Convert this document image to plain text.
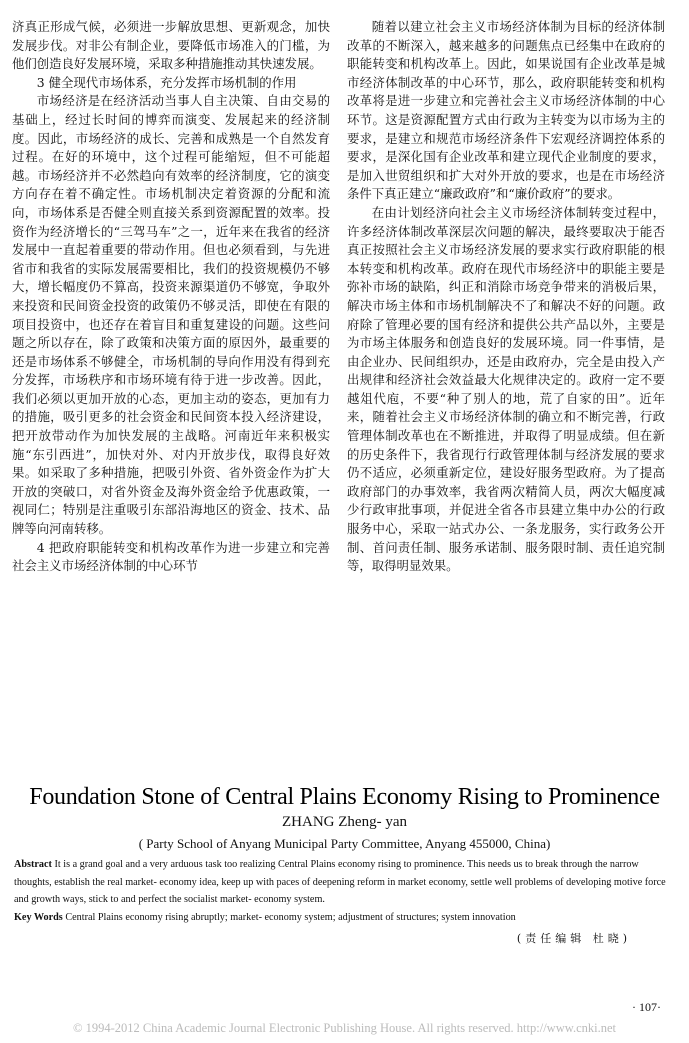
济真正形成气候，必须进一步解放思想、更新观念，加快发展步伐。对非公有制企业，要降低市场准入的门槛，为他们创造良好发展环境，采取多种措施推动其快速发展。

3 健全现代市场体系，充分发挥市场机制的作用

市场经济是在经济活动当事人自主决策、自由交易的基础上，经过长时间的博弈而演变、发展起来的经济制度。因此，市场经济的成长、完善和成熟是一个自然发育过程。在好的环境中，这个过程可能缩短，但不可能超越。市场经济并不必然趋向有效率的经济制度，它的演变方向存在着不确定性。市场机制决定着资源的分配和流向，市场体系是否健全则直接关系到资源配置的效率。投资作为经济增长的“三驾马车”之一，近年来在我省的经济发展中一直起着重要的带动作用。但也必须看到，与先进省市和我省的实际发展需要相比，我们的投资规模仍不够大，增长幅度仍不算高，投资来源渠道仍不够宽，争取外来投资和民间资金投资的政策仍不够灵活，即使在有限的项目投资中，也还存在着盲目和重复建设的问题。这些问题之所以存在，除了政策和决策方面的原因外，最重要的还是市场体系不够健全，市场机制的导向作用没有得到充分发挥，市场秩序和市场环境有待于进一步改善。因此，我们必须以更加开放的心态，更加主动的姿态，更加有力的措施，吸引更多的社会资金和民间资本投入经济建设，把开放带动作为加快发展的主战略。河南近年来积极实施“东引西进”，加快对外、对内开放步伐，取得良好效果。如采取了多种措施，把吸引外资、省外资金作为扩大开放的突破口，对省外资金及海外资金给予优惠政策，一视同仁；特别是注重吸引东部沿海地区的资金、技术、品牌等向河南转移。

4 把政府职能转变和机构改革作为进一步建立和完善社会主义市场经济体制的中心环节

随着以建立社会主义市场经济体制为目标的经济体制改革的不断深入，越来越多的问题焦点已经集中在政府的职能转变和机构改革上。因此，如果说国有企业改革是城市经济体制改革的中心环节，那么，政府职能转变和机构改革将是进一步建立和完善社会主义市场经济体制的中心环节。这是资源配置方式由行政为主转变为以市场为主的要求，是建立和规范市场经济条件下宏观经济调控体系的要求，是深化国有企业改革和建立现代企业制度的要求，是加入世贸组织和扩大对外开放的要求，也是在市场经济条件下真正建立“廉政政府”和“廉价政府”的要求。

在由计划经济向社会主义市场经济体制转变过程中，许多经济体制改革深层次问题的解决，最终要取决于能否真正按照社会主义市场经济发展的要求实行政府职能的根本转变和机构改革。政府在现代市场经济中的职能主要是弥补市场的缺陷，纠正和消除市场竞争带来的消极后果，解决市场主体和市场机制解决不了和解决不好的问题。政府除了管理必要的国有经济和提供公共产品以外，主要是为市场主体服务和创造良好的发展环境。同一件事情，是由企业办、民间组织办，还是由政府办，完全是由投入产出规律和经济社会效益最大化规律决定的。政府一定不要越俎代庖，不要“种了别人的地，荒了自家的田”。近年来，随着社会主义市场经济体制的确立和不断完善，行政管理体制改革也在不断推进，并取得了明显成绩。但在新的历史条件下，我省现行行政管理体制与经济发展的要求仍不适应，必须重新定位，建设好服务型政府。为了提高政府部门的办事效率，我省两次精简人员，两次大幅度减少行政审批事项，并促进全省各市县建立集中办公的行政服务中心，采取一站式办公、一条龙服务，实行政务公开制、首问责任制、服务承诺制、服务限时制、责任追究制等，取得明显效果。

Foundation Stone of Central Plains Economy Rising to Prominence
ZHANG Zheng- yan
( Party School of Anyang Municipal Party Committee, Anyang 455000, China)
Abstract It is a grand goal and a very arduous task too realizing Central Plains economy rising to prominence. This needs us to break through the narrow thoughts, establish the real market- economy idea, keep up with paces of deepening reform in market economy, settle well problems of developing motive force and growth ways, stick to and perfect the socialist market- economy system.
Key Words Central Plains economy rising abruptly; market- economy system; adjustment of structures; system innovation
(责任编辑 杜晓)
· 107·
© 1994-2012 China Academic Journal Electronic Publishing House. All rights reserved. http://www.cnki.net
